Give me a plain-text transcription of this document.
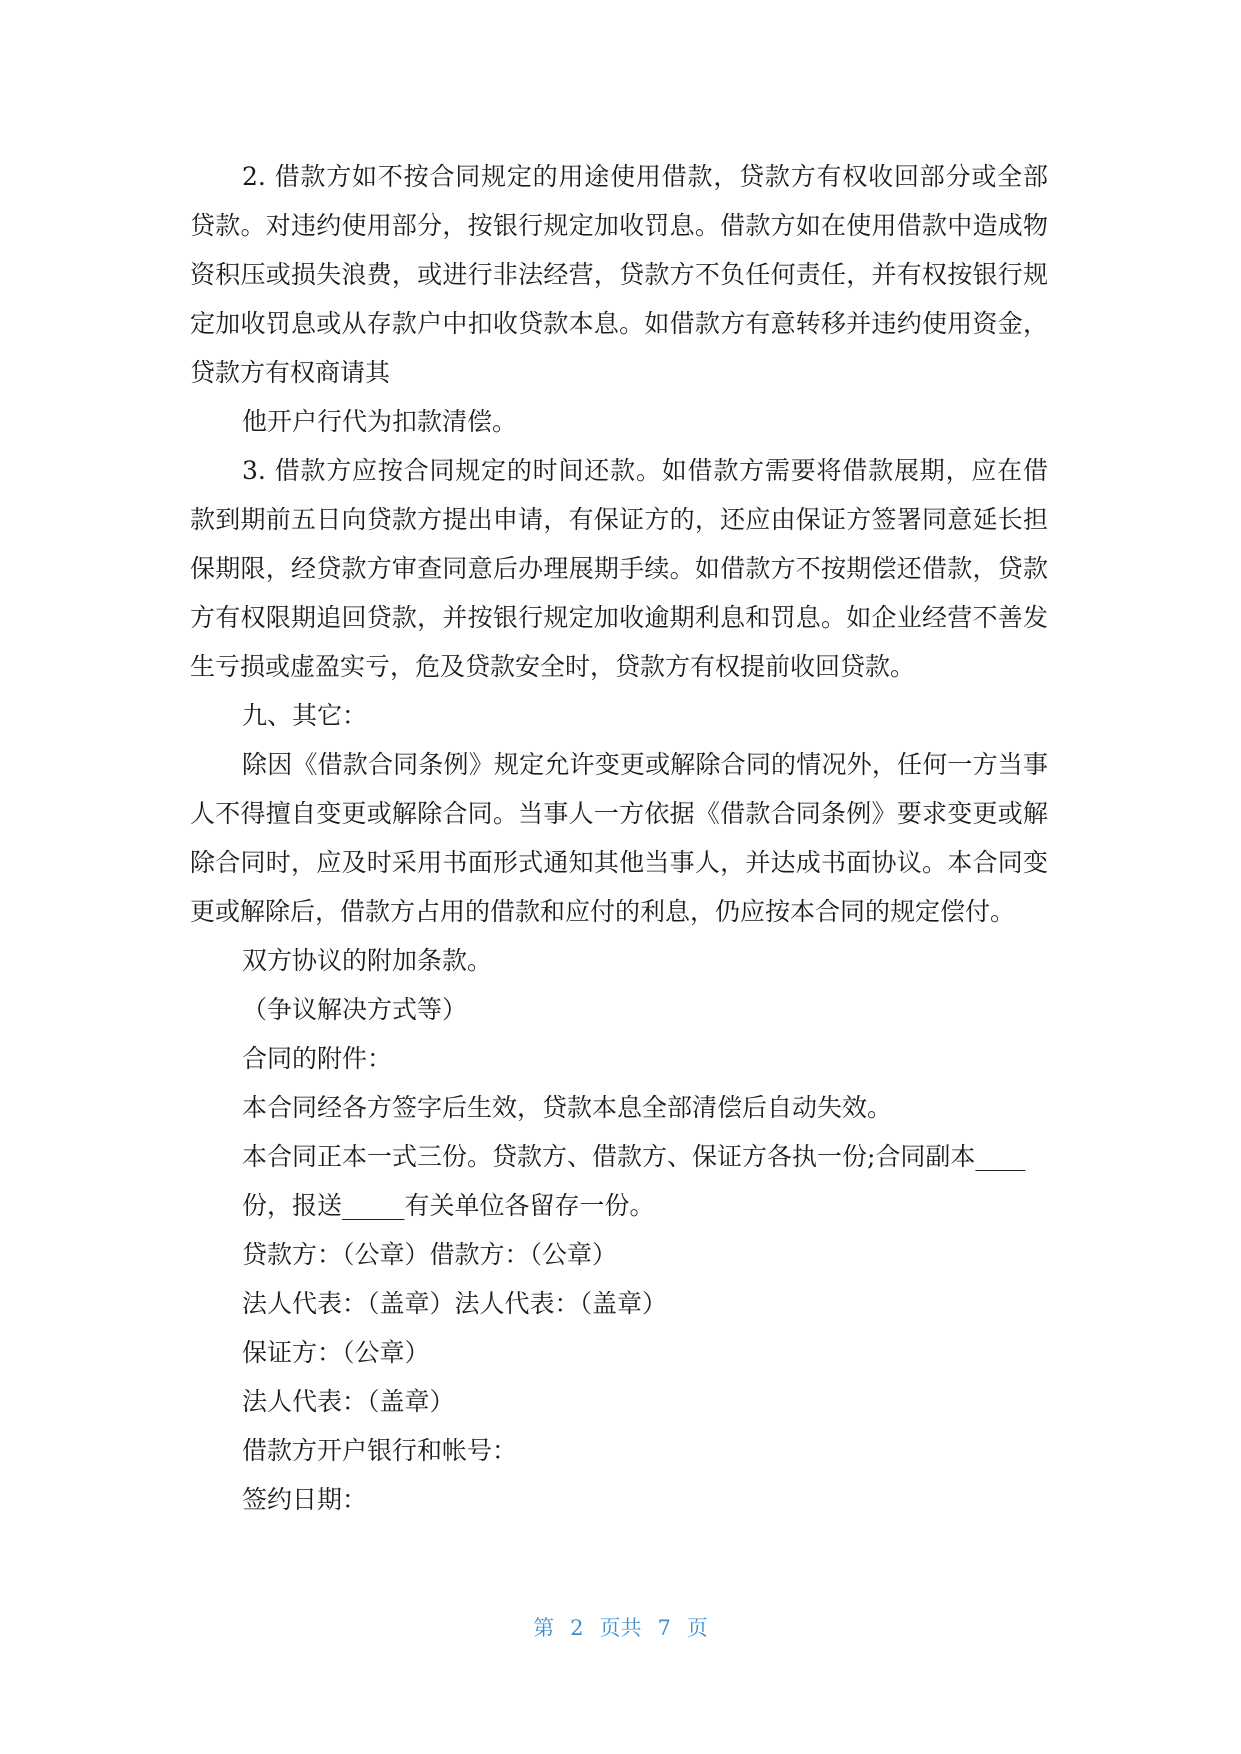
2. 借款方如不按合同规定的用途使用借款，贷款方有权收回部分或全部贷款。对违约使用部分，按银行规定加收罚息。借款方如在使用借款中造成物资积压或损失浪费，或进行非法经营，贷款方不负任何责任，并有权按银行规定加收罚息或从存款户中扣收贷款本息。如借款方有意转移并违约使用资金，贷款方有权商请其

他开户行代为扣款清偿。

3. 借款方应按合同规定的时间还款。如借款方需要将借款展期，应在借款到期前五日向贷款方提出申请，有保证方的，还应由保证方签署同意延长担保期限，经贷款方审查同意后办理展期手续。如借款方不按期偿还借款，贷款方有权限期追回贷款，并按银行规定加收逾期利息和罚息。如企业经营不善发生亏损或虚盈实亏，危及贷款安全时，贷款方有权提前收回贷款。

九、其它：

除因《借款合同条例》规定允许变更或解除合同的情况外，任何一方当事人不得擅自变更或解除合同。当事人一方依据《借款合同条例》要求变更或解除合同时，应及时采用书面形式通知其他当事人，并达成书面协议。本合同变更或解除后，借款方占用的借款和应付的利息，仍应按本合同的规定偿付。

双方协议的附加条款。

（争议解决方式等）

合同的附件：

本合同经各方签字后生效，贷款本息全部清偿后自动失效。

本合同正本一式三份。贷款方、借款方、保证方各执一份;合同副本____

份，报送_____有关单位各留存一份。

贷款方：（公章）借款方：（公章）

法人代表：（盖章）法人代表：（盖章）

保证方：（公章）

法人代表：（盖章）

借款方开户银行和帐号：

签约日期：

第 2 页共 7 页
